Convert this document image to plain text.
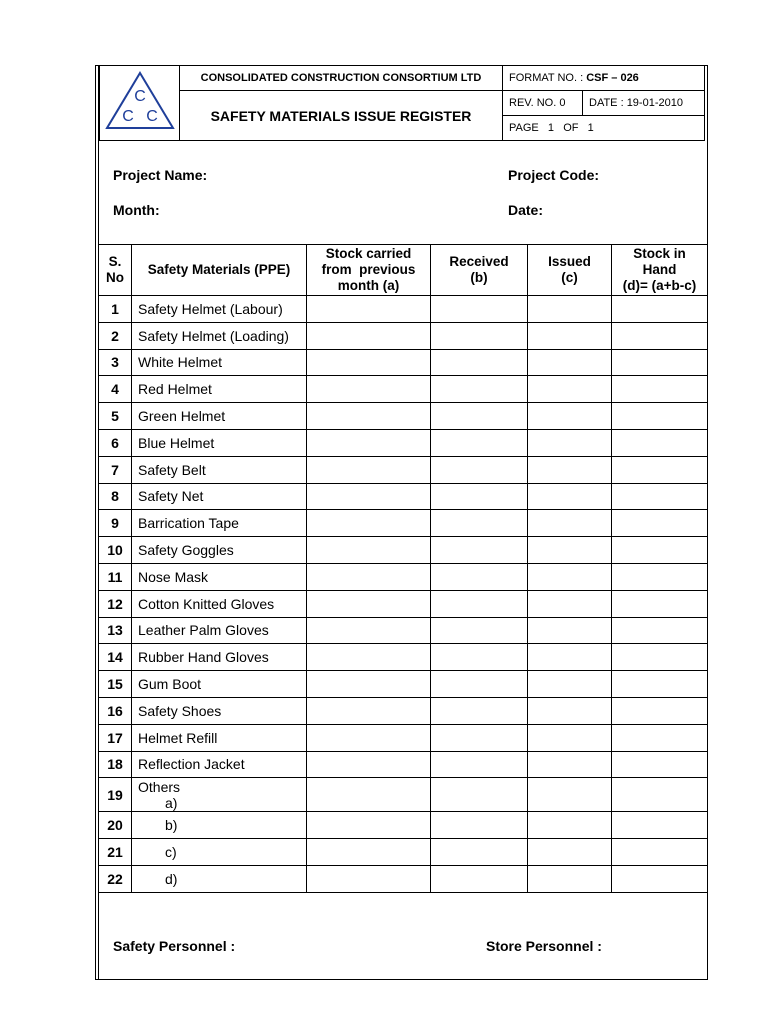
C
C C	CONSOLIDATED CONSTRUCTION CONSORTIUM LTD	FORMAT NO. : CSF – 026	
	SAFETY MATERIALS ISSUE REGISTER	REV. NO. 0	DATE : 19-01-2010
		PAGE   1   OF   1	
Project Name:	Project Code:
Month:	Date:
S.
No	Safety Materials (PPE)	Stock carried
from  previous
month (a)	Received
(b)	Issued
(c)	Stock in
Hand
(d)= (a+b-c)
1	Safety Helmet (Labour)				
2	Safety Helmet (Loading)				
3	White Helmet				
4	Red Helmet				
5	Green Helmet				
6	Blue Helmet				
7	Safety Belt				
8	Safety Net				
9	Barrication Tape				
10	Safety Goggles				
11	Nose Mask				
12	Cotton Knitted Gloves				
13	Leather Palm Gloves				
14	Rubber Hand Gloves				
15	Gum Boot				
16	Safety Shoes				
17	Helmet Refill				
18	Reflection Jacket				
19	Others
a)				
20	b)				
21	c)				
22	d)				
Safety Personnel :	Store Personnel :
